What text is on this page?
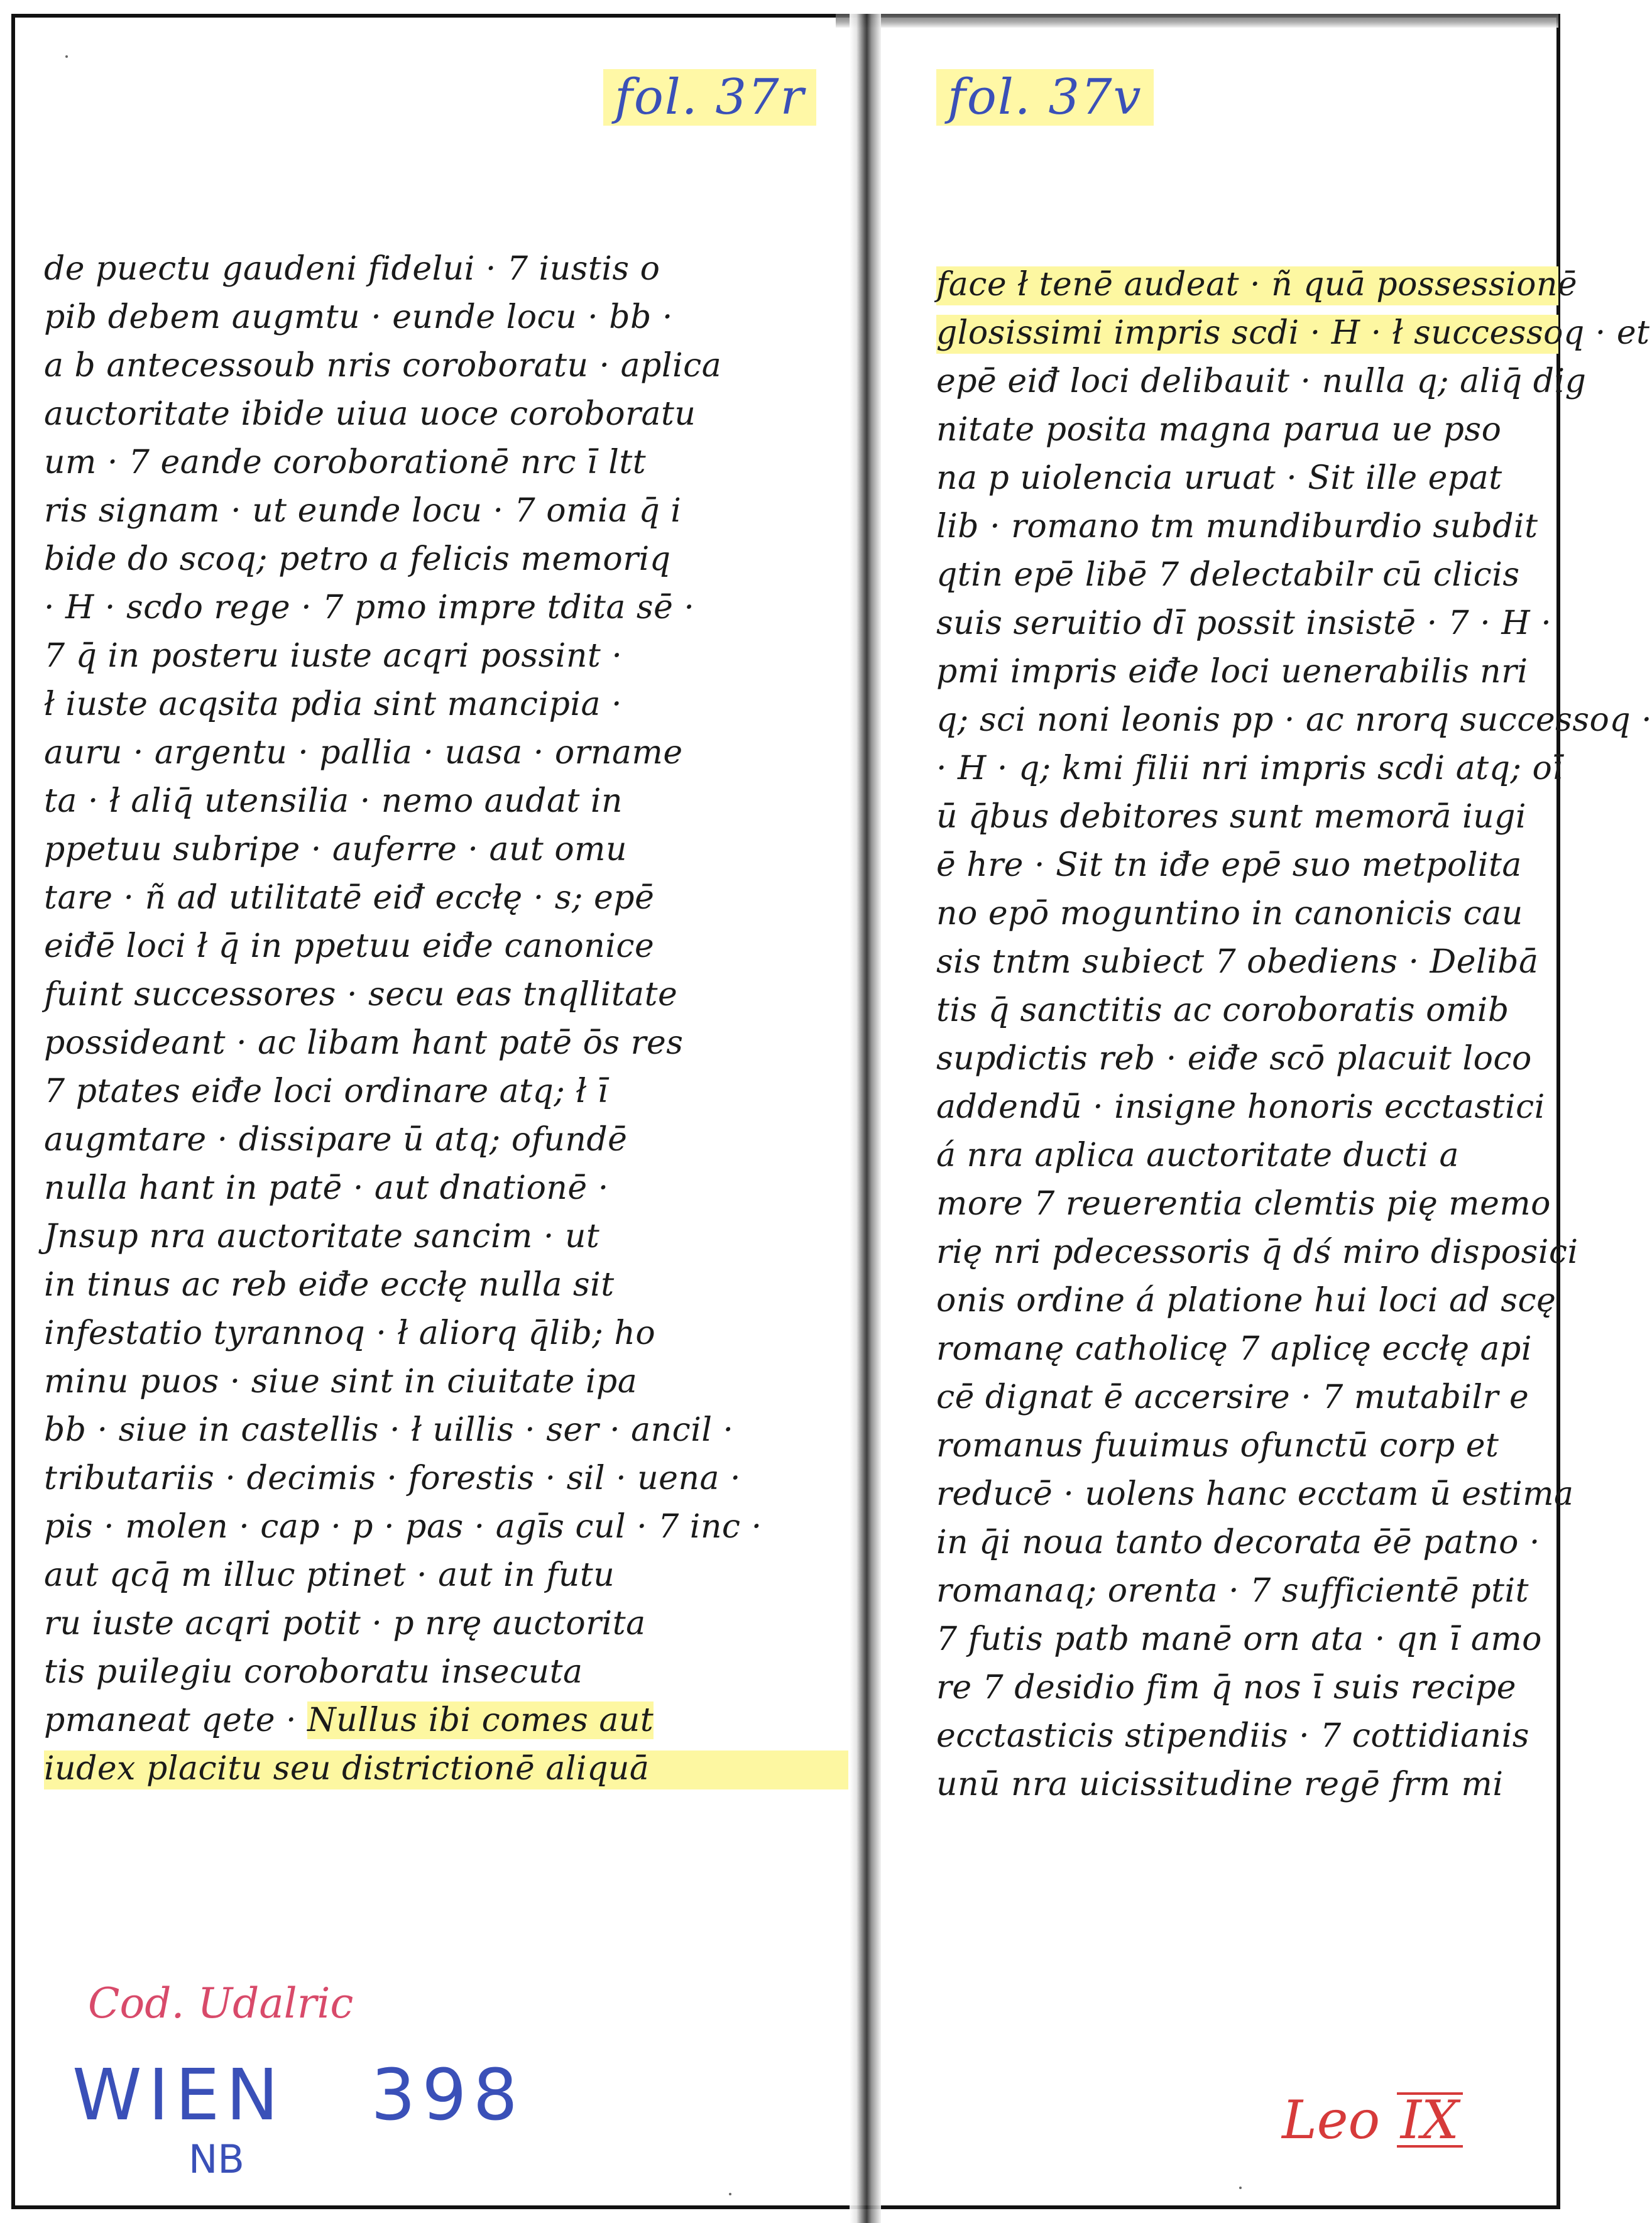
fol. 37r	fol. 37v
de puectu gaudeni fidelui · 7 iustis o
pib debem augmtu · eunde locu · bb ·
a b antecessoub nris coroboratu · aplica
auctoritate ibide uiua uoce coroboratu
um · 7 eande coroborationē nrc ī ltt
ris signam · ut eunde locu · 7 omia q̄ i
bide do scoq; petro a felicis memoriq
· H · scdo rege · 7 pmo impre tdita sē ·
7 q̄ in posteru iuste acqri possint ·
ł iuste acqsita pdia sint mancipia ·
auru · argentu · pallia · uasa · orname
ta · ł aliq̄ utensilia · nemo audat in
ppetuu subripe · auferre · aut omu
tare · ñ ad utilitatē eiđ eccłę · s; epē
eiđē loci ł q̄ in ppetuu eiđe canonice
fuint successores · secu eas tnqllitate
possideant · ac libam hant patē ōs res
7 ptates eiđe loci ordinare atq; ł ī
augmtare · dissipare ū atq; ofundē
nulla hant in patē · aut dnationē ·
Jnsup nra auctoritate sancim · ut
in tinus ac reb eiđe eccłę nulla sit
infestatio tyrannoq · ł aliorq q̄lib; ho
minu puos · siue sint in ciuitate ipa
bb · siue in castellis · ł uillis · ser · ancil ·
tributariis · decimis · forestis · sil · uena ·
pis · molen · cap · p · pas · agīs cul · 7 inc ·
aut qcq̄ m illuc ptinet · aut in futu
ru iuste acqri potit · p nrę auctorita
tis puilegiu coroboratu insecuta
pmaneat qete · Nullus ibi comes aut
iudex placitu seu districtionē aliquā
face ł tenē audeat · ñ quā possessionē
glosissimi impris scdi · H · ł successoq · et
epē eiđ loci delibauit · nulla q; aliq̄ dig
nitate posita magna parua ue pso
na p uiolencia uruat · Sit ille epat
lib · romano tm mundiburdio subdit
qtin epē libē 7 delectabilr cū clicis
suis seruitio dī possit insistē · 7 · H ·
pmi impris eiđe loci uenerabilis nri
q; sci noni leonis pp · ac nrorq successoq ·
· H · q; kmi filii nri impris scdi atq; oī
ū q̄bus debitores sunt memorā iugi
ē hre · Sit tn iđe epē suo metpolita
no epō moguntino in canonicis cau
sis tntm subiect 7 obediens · Delibā
tis q̄ sanctitis ac coroboratis omib
supdictis reb · eiđe scō placuit loco
addendū · insigne honoris ecctastici
á nra aplica auctoritate ducti a
more 7 reuerentia clemtis pię memo
rię nri pdecessoris q̄ dś miro disposici
onis ordine á platione hui loci ad scę
romanę catholicę 7 aplicę eccłę api
cē dignat ē accersire · 7 mutabilr e
romanus fuuimus ofunctū corp et
reducē · uolens hanc ecctam ū estima
in q̄i noua tanto decorata ēē patno ·
romanaq; orenta · 7 sufficientē ptit
7 futis patb manē orn ata · qn ī amo
re 7 desidio fim q̄ nos ī suis recipe
ecctasticis stipendiis · 7 cottidianis
unū nra uicissitudine regē frm mi
Cod. Udalric
WIEN 398
NB
Leo IX
